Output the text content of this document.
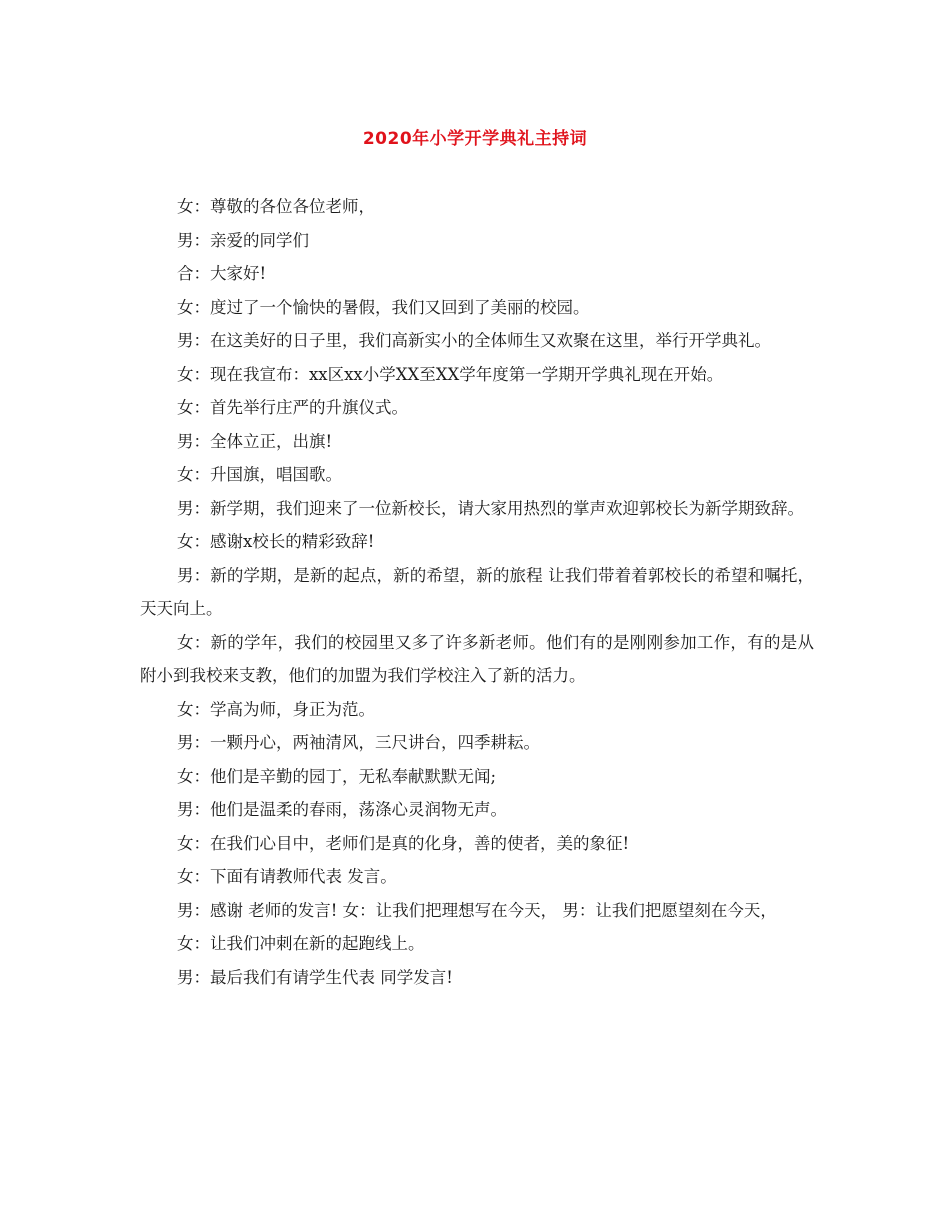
2020年小学开学典礼主持词

女：尊敬的各位各位老师，

男：亲爱的同学们

合：大家好!

女：度过了一个愉快的暑假，我们又回到了美丽的校园。

男：在这美好的日子里，我们高新实小的全体师生又欢聚在这里，举行开学典礼。

女：现在我宣布：xx区xx小学XX至XX学年度第一学期开学典礼现在开始。

女：首先举行庄严的升旗仪式。

男：全体立正，出旗!

女：升国旗，唱国歌。

男：新学期，我们迎来了一位新校长，请大家用热烈的掌声欢迎郭校长为新学期致辞。

女：感谢x校长的精彩致辞!

男：新的学期，是新的起点，新的希望，新的旅程 让我们带着着郭校长的希望和嘱托，天天向上。

女：新的学年，我们的校园里又多了许多新老师。他们有的是刚刚参加工作，有的是从附小到我校来支教，他们的加盟为我们学校注入了新的活力。

女：学高为师，身正为范。

男：一颗丹心，两袖清风，三尺讲台，四季耕耘。

女：他们是辛勤的园丁，无私奉献默默无闻;

男：他们是温柔的春雨，荡涤心灵润物无声。

女：在我们心目中，老师们是真的化身，善的使者，美的象征!

女：下面有请教师代表 发言。

男：感谢 老师的发言! 女：让我们把理想写在今天， 男：让我们把愿望刻在今天，

女：让我们冲刺在新的起跑线上。

男：最后我们有请学生代表 同学发言!
